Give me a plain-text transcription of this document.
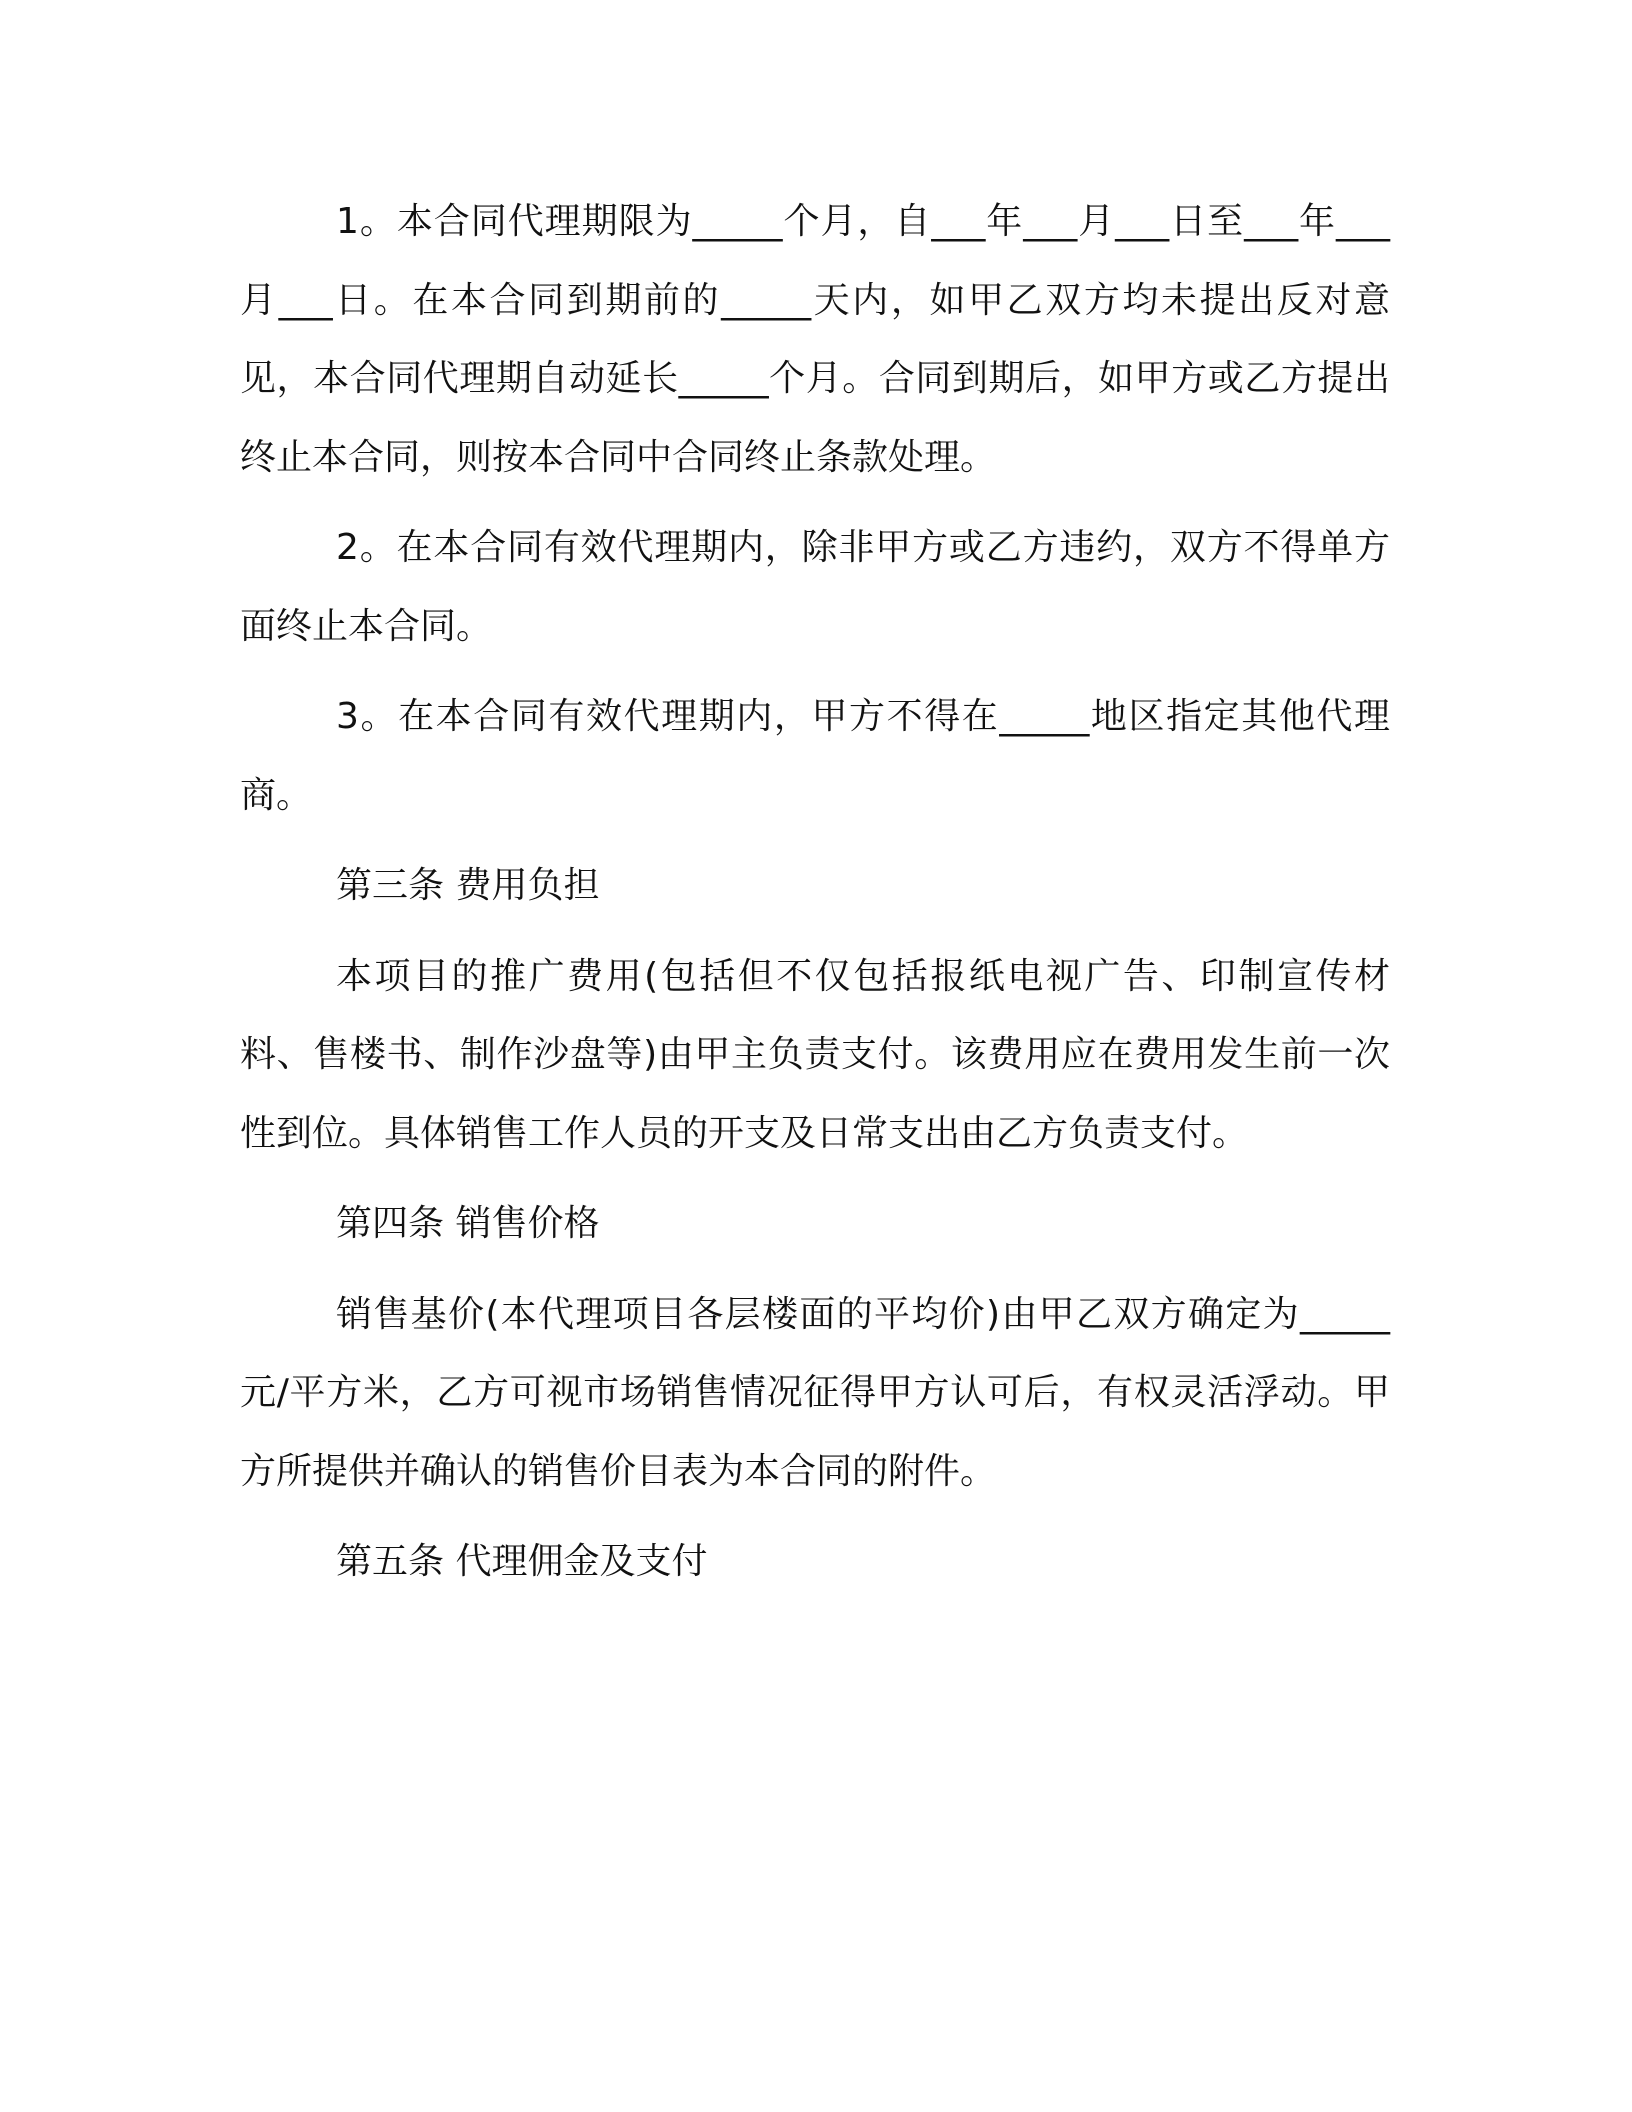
1。本合同代理期限为_____个月，自___年___月___日至___年___月___日。在本合同到期前的_____天内，如甲乙双方均未提出反对意见，本合同代理期自动延长_____个月。合同到期后，如甲方或乙方提出终止本合同，则按本合同中合同终止条款处理。

2。在本合同有效代理期内，除非甲方或乙方违约，双方不得单方面终止本合同。

3。在本合同有效代理期内，甲方不得在_____地区指定其他代理商。

第三条 费用负担

本项目的推广费用(包括但不仅包括报纸电视广告、印制宣传材料、售楼书、制作沙盘等)由甲主负责支付。该费用应在费用发生前一次性到位。具体销售工作人员的开支及日常支出由乙方负责支付。

第四条 销售价格

销售基价(本代理项目各层楼面的平均价)由甲乙双方确定为_____元/平方米，乙方可视市场销售情况征得甲方认可后，有权灵活浮动。甲方所提供并确认的销售价目表为本合同的附件。

第五条 代理佣金及支付
